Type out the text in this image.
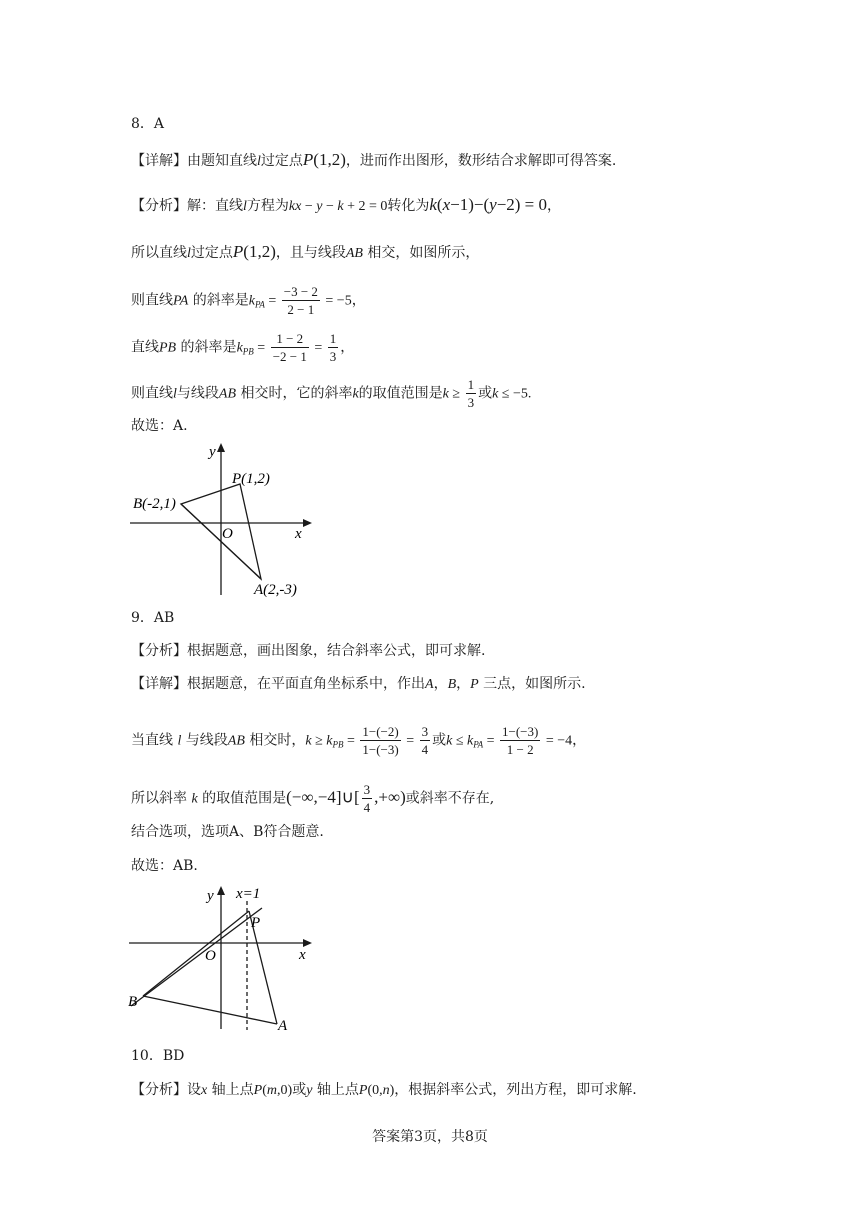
8．A
【详解】由题知直线l过定点P(1,2)，进而作出图形，数形结合求解即可得答案.
【分析】解：直线l方程为kx − y − k + 2 = 0转化为k(x−1)−(y−2) = 0，
所以直线l过定点P(1,2)，且与线段AB 相交，如图所示，
则直线PA 的斜率是$k_{PA} = \frac{-3 - 2}{2 - 1} = -5$，
直线PB 的斜率是$k_{PB} = \frac{1 - 2}{-2 - 1} = \frac{1}{3}$ ，
则直线l与线段AB 相交时，它的斜率k的取值范围是$k \ge \frac{1}{3}$ 或k ≤ −5.
故选：A.
y
P(1,2)
B(-2,1)
O	x
A(2,-3)
9．AB
【分析】根据题意，画出图象，结合斜率公式，即可求解.
【详解】根据题意，在平面直角坐标系中，作出A，B，P 三点，如图所示.
当直线 l 与线段AB 相交时，$k \ge k_{PB} = \frac{1-(-2)}{1-(-3)} = \frac{3}{4}$ 或$k \le k_{PA} = \frac{1-(-3)}{1 - 2} = -4$，
所以斜率 k 的取值范围是(−∞,−4]∪[ $\frac{3}{4}$ ,+∞)或斜率不存在,
结合选项，选项A、B符合题意.
故选：AB.
y x=1
P
O	x
B
A
10．BD
【分析】设x 轴上点P(m,0)或y 轴上点P(0,n)，根据斜率公式，列出方程，即可求解.
答案第3页，共8页
